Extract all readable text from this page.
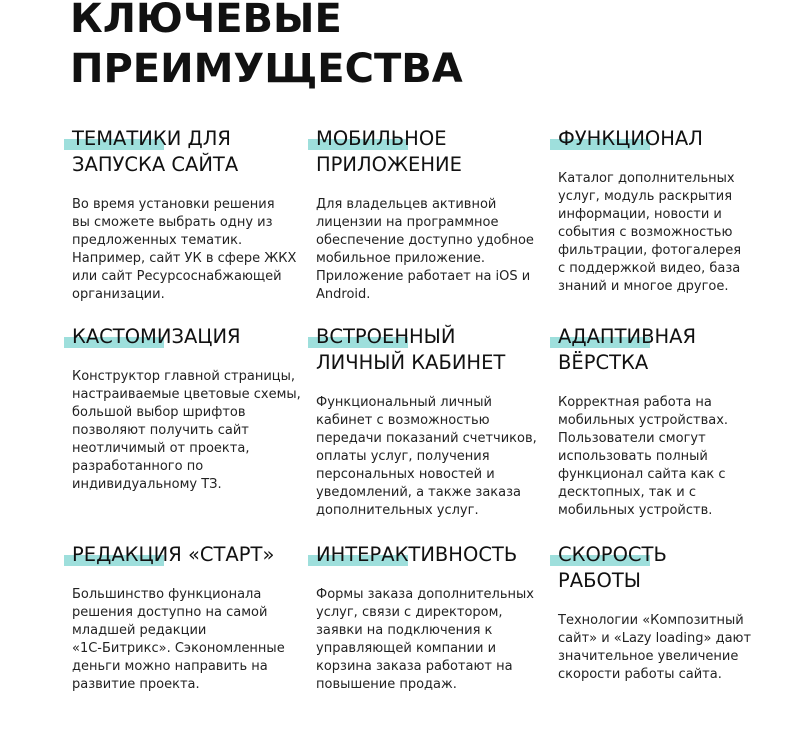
КЛЮЧЕВЫЕ
ПРЕИМУЩЕСТВА
ТЕМАТИКИ ДЛЯ
ЗАПУСКА САЙТА

Во время установки решения
вы сможете выбрать одну из
предложенных тематик.
Например, сайт УК в сфере ЖКХ
или сайт Ресурсоснабжающей
организации.

МОБИЛЬНОЕ
ПРИЛОЖЕНИЕ

Для владельцев активной
лицензии на программное
обеспечение доступно удобное
мобильное приложение.
Приложение работает на iOS и
Android.

ФУНКЦИОНАЛ

Каталог дополнительных
услуг, модуль раскрытия
информации, новости и
события с возможностью
фильтрации, фотогалерея
с поддержкой видео, база
знаний и многое другое.

КАСТОМИЗАЦИЯ

Конструктор главной страницы,
настраиваемые цветовые схемы,
большой выбор шрифтов
позволяют получить сайт
неотличимый от проекта,
разработанного по
индивидуальному ТЗ.

ВСТРОЕННЫЙ
ЛИЧНЫЙ КАБИНЕТ

Функциональный личный
кабинет с возможностью
передачи показаний счетчиков,
оплаты услуг, получения
персональных новостей и
уведомлений, а также заказа
дополнительных услуг.

АДАПТИВНАЯ
ВЁРСТКА

Корректная работа на
мобильных устройствах.
Пользователи смогут
использовать полный
функционал сайта как с
десктопных, так и с
мобильных устройств.

РЕДАКЦИЯ «СТАРТ»

Большинство функционала
решения доступно на самой
младшей редакции
«1С-Битрикс». Сэкономленные
деньги можно направить на
развитие проекта.

ИНТЕРАКТИВНОСТЬ

Формы заказа дополнительных
услуг, связи с директором,
заявки на подключения к
управляющей компании и
корзина заказа работают на
повышение продаж.

СКОРОСТЬ
РАБОТЫ

Технологии «Композитный
сайт» и «Lazy loading» дают
значительное увеличение
скорости работы сайта.
